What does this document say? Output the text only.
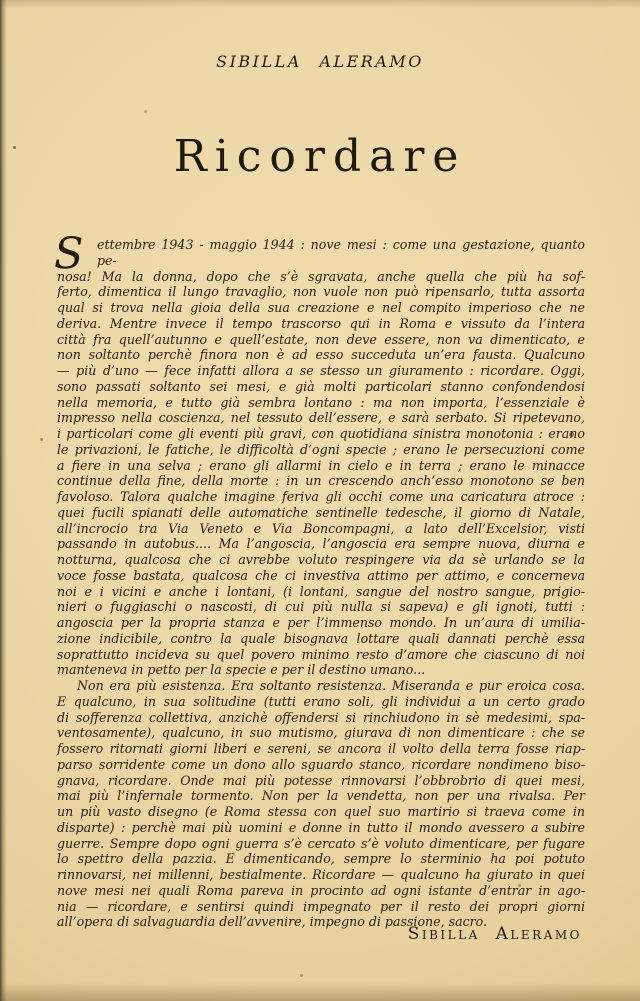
SIBILLA ALERAMO
Ricordare
S	ettembre 1943 - maggio 1944 : nove mesi : come una gestazione, quanto pe-
nosa! Ma la donna, dopo che s’è sgravata, anche quella che più ha sof-
ferto, dimentica il lungo travaglio, non vuole non può ripensarlo, tutta assorta
qual si trova nella gioia della sua creazione e nel compito imperioso che ne
deriva. Mentre invece il tempo trascorso qui in Roma e vissuto da l’intera
città fra quell’autunno e quell’estate, non deve essere, non va dimenticato, e
non soltanto perchè finora non è ad esso succeduta un’era fausta. Qualcuno
— più d’uno — fece infatti allora a se stesso un giuramento : ricordare. Oggi,
sono passati soltanto sei mesi, e già molti particolari stanno confondendosi
nella memoria, e tutto già sembra lontano : ma non importa, l’essenziale è
impresso nella coscienza, nel tessuto dell’essere, e sarà serbato. Si ripetevano,
i particolari come gli eventi più gravi, con quotidiana sinistra monotonia : erano
le privazioni, le fatiche, le difficoltà d’ogni specie ; erano le persecuzioni come
a fiere in una selva ; erano gli allarmi in cielo e in terra ; erano le minacce
continue della fine, della morte : in un crescendo anch’esso monotono se ben
favoloso. Talora qualche imagine feriva gli occhi come una caricatura atroce :
quei fucili spianati delle automatiche sentinelle tedesche, il giorno di Natale,
all’incrocio tra Via Veneto e Via Boncompagni, a lato dell’Excelsior, visti
passando in autobus.... Ma l’angoscia, l’angoscia era sempre nuova, diurna e
notturna, qualcosa che ci avrebbe voluto respingere via da sè urlando se la
voce fosse bastata, qualcosa che ci investiva attimo per attimo, e concerneva
noi e i vicini e anche i lontani, (i lontani, sangue del nostro sangue, prigio-
nieri o fuggiaschi o nascosti, di cui più nulla si sapeva) e gli ignoti, tutti :
angoscia per la propria stanza e per l’immenso mondo. In un’aura di umilia-
zione indicibile, contro la quale bisognava lottare quali dannati perchè essa
soprattutto incideva su quel povero minimo resto d’amore che ciascuno di noi
manteneva in petto per la specie e per il destino umano...
Non era più esistenza. Era soltanto resistenza. Miseranda e pur eroica cosa.
E qualcuno, in sua solitudine (tutti erano soli, gli individui a un certo grado
di sofferenza collettiva, anzichè offendersi si rinchiudono in sè medesimi, spa-
ventosamente), qualcuno, in suo mutismo, giurava di non dimenticare : che se
fossero ritornati giorni liberi e sereni, se ancora il volto della terra fosse riap-
parso sorridente come un dono allo sguardo stanco, ricordare nondimeno biso-
gnava, ricordare. Onde mai più potesse rinnovarsi l’obbrobrio di quei mesi,
mai più l’infernale tormento. Non per la vendetta, non per una rivalsa. Per
un più vasto disegno (e Roma stessa con quel suo martirio si traeva come in
disparte) : perchè mai più uomini e donne in tutto il mondo avessero a subire
guerre. Sempre dopo ogni guerra s’è cercato s’è voluto dimenticare, per fugare
lo spettro della pazzia. E dimenticando, sempre lo sterminio ha poi potuto
rinnovarsi, nei millenni, bestialmente. Ricordare — qualcuno ha giurato in quei
nove mesi nei quali Roma pareva in procinto ad ogni istante d’entrar in ago-
nia — ricordare, e sentirsi quindi impegnato per il resto dei propri giorni
all’opera di salvaguardia dell’avvenire, impegno di passione, sacro.
Sibilla Aleramo
